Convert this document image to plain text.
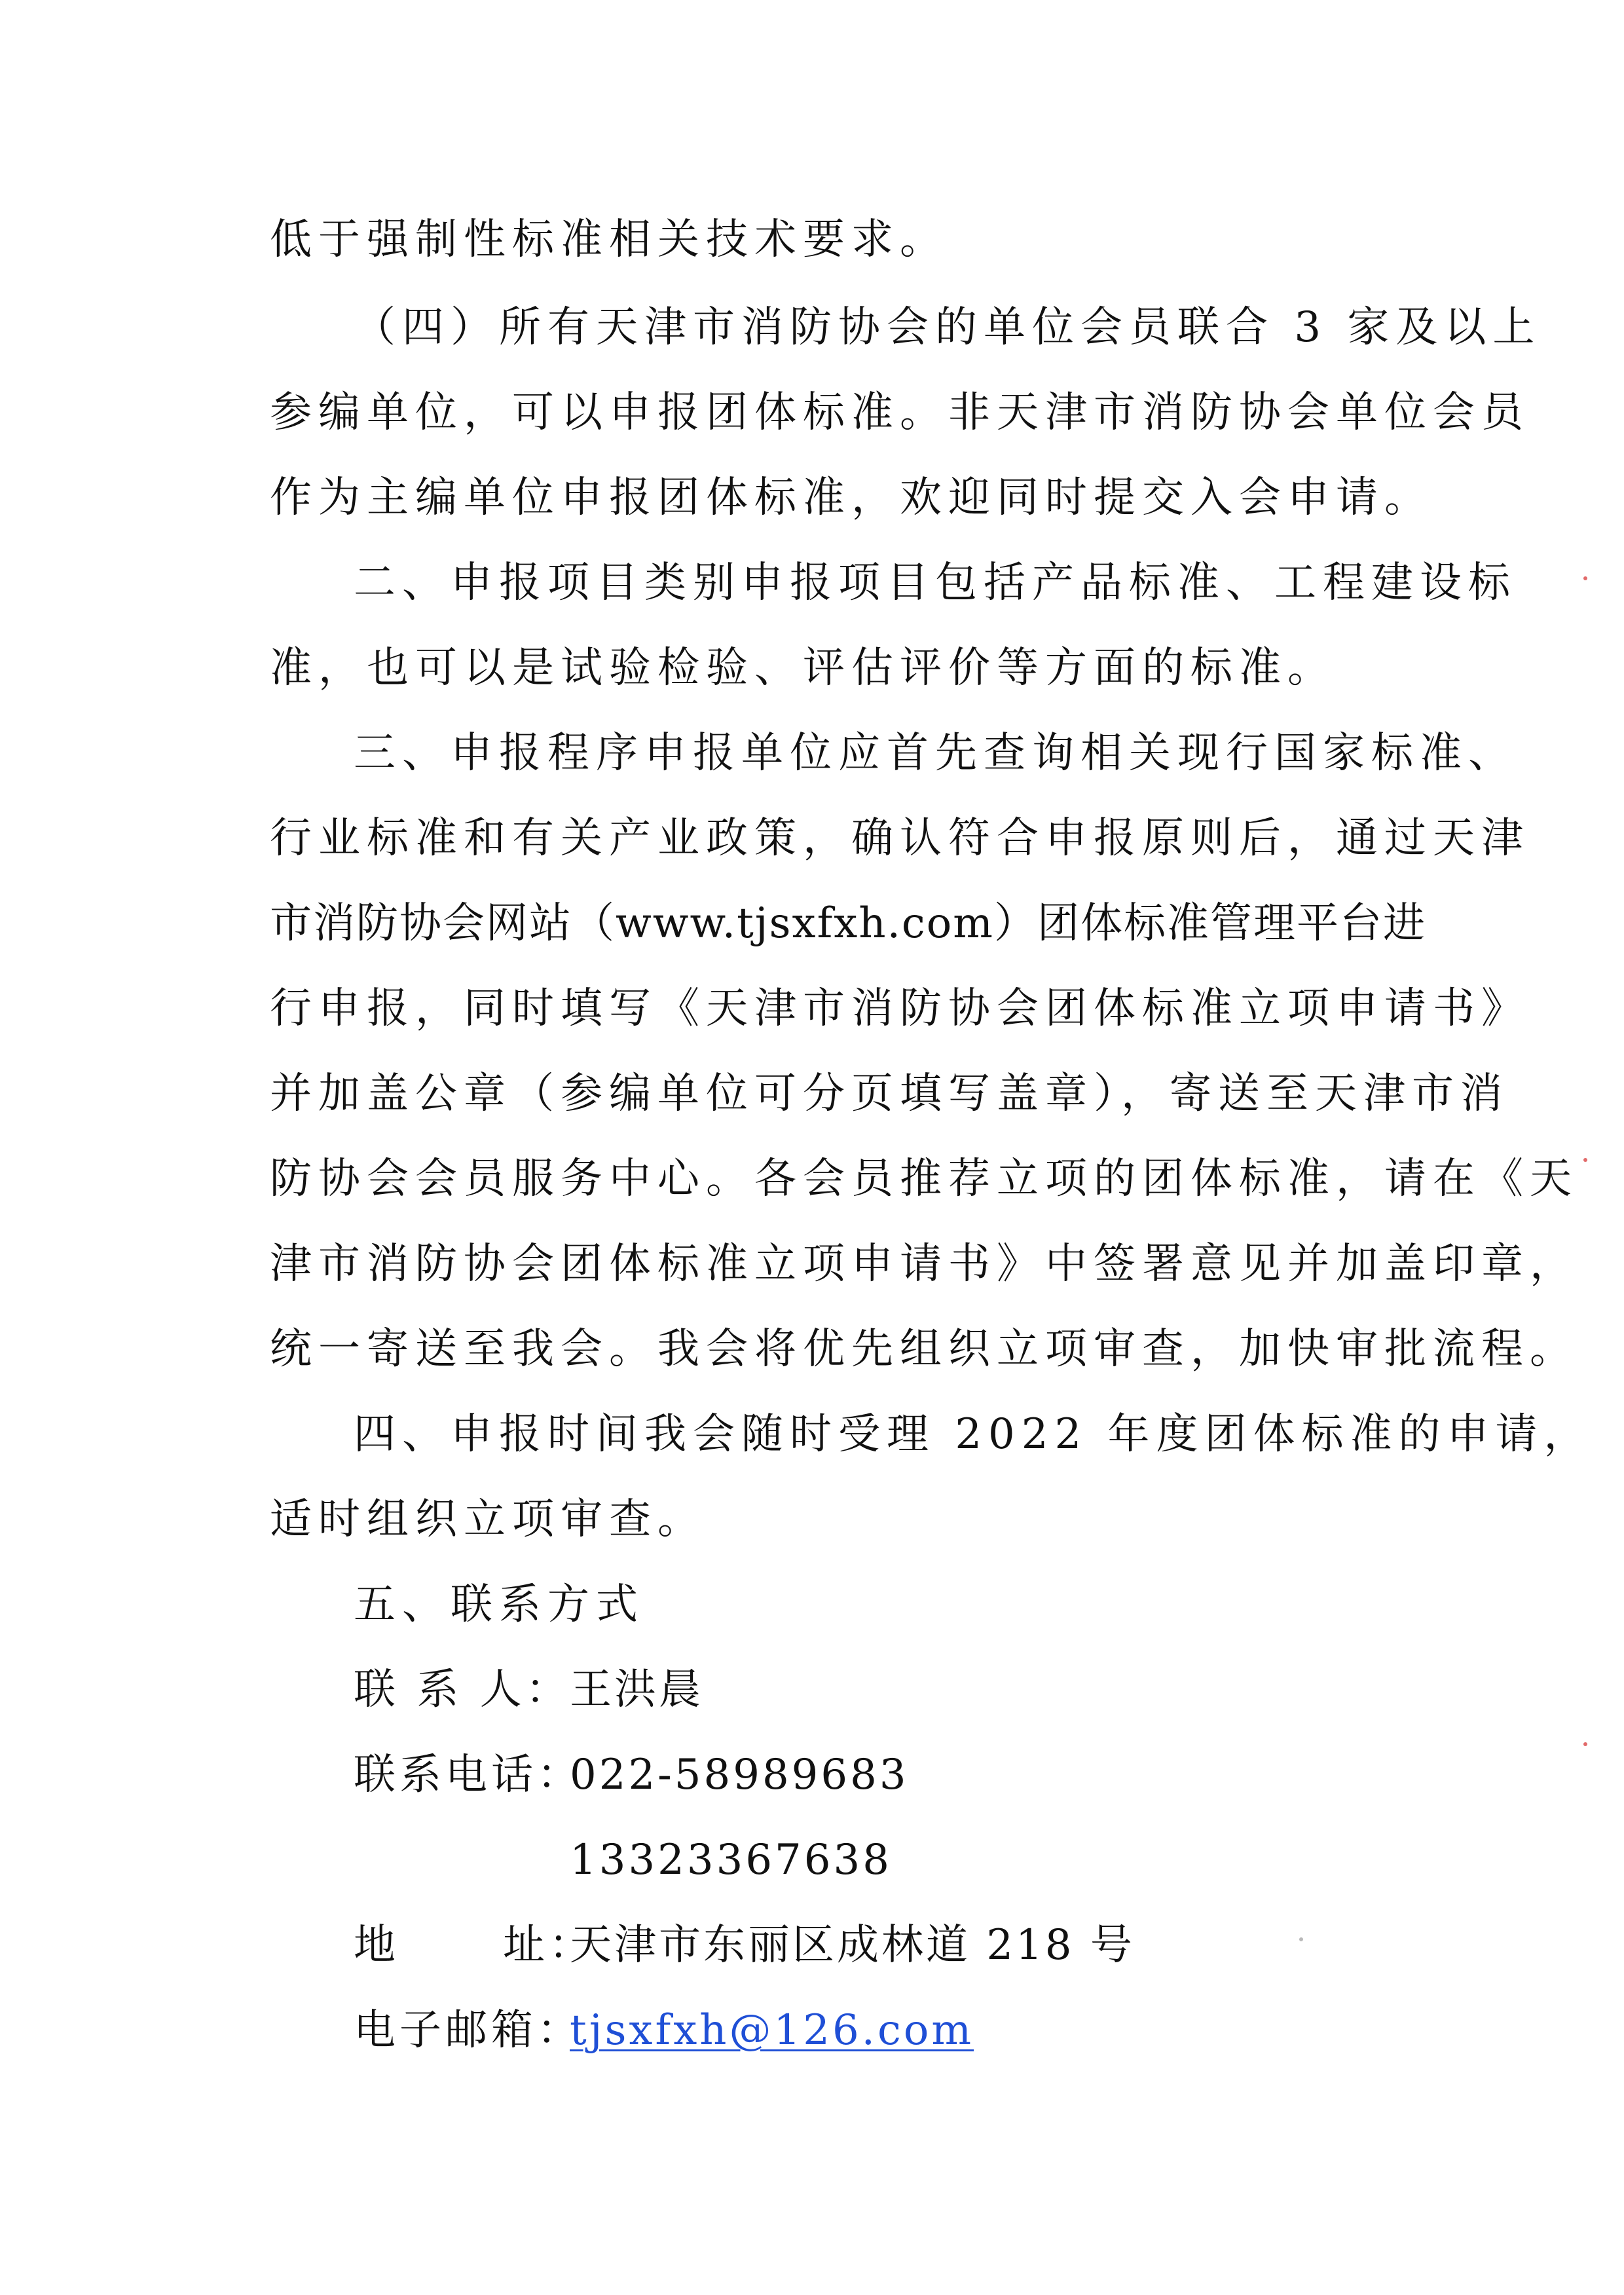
低于强制性标准相关技术要求。
（四）所有天津市消防协会的单位会员联合 3 家及以上
参编单位，可以申报团体标准。非天津市消防协会单位会员
作为主编单位申报团体标准，欢迎同时提交入会申请。
二、申报项目类别申报项目包括产品标准、工程建设标
准，也可以是试验检验、评估评价等方面的标准。
三、申报程序申报单位应首先查询相关现行国家标准、
行业标准和有关产业政策，确认符合申报原则后，通过天津
市消防协会网站（www.tjsxfxh.com）团体标准管理平台进
行申报，同时填写《天津市消防协会团体标准立项申请书》
并加盖公章（参编单位可分页填写盖章），寄送至天津市消
防协会会员服务中心。各会员推荐立项的团体标准，请在《天
津市消防协会团体标准立项申请书》中签署意见并加盖印章，
统一寄送至我会。我会将优先组织立项审查，加快审批流程。
四、申报时间我会随时受理 2022 年度团体标准的申请，
适时组织立项审查。
五、联系方式
联 系 人：
王洪晨
联系电话：
022-58989683
13323367638
地      址：
天津市东丽区成林道 218 号
电子邮箱：
tjsxfxh@126.com
